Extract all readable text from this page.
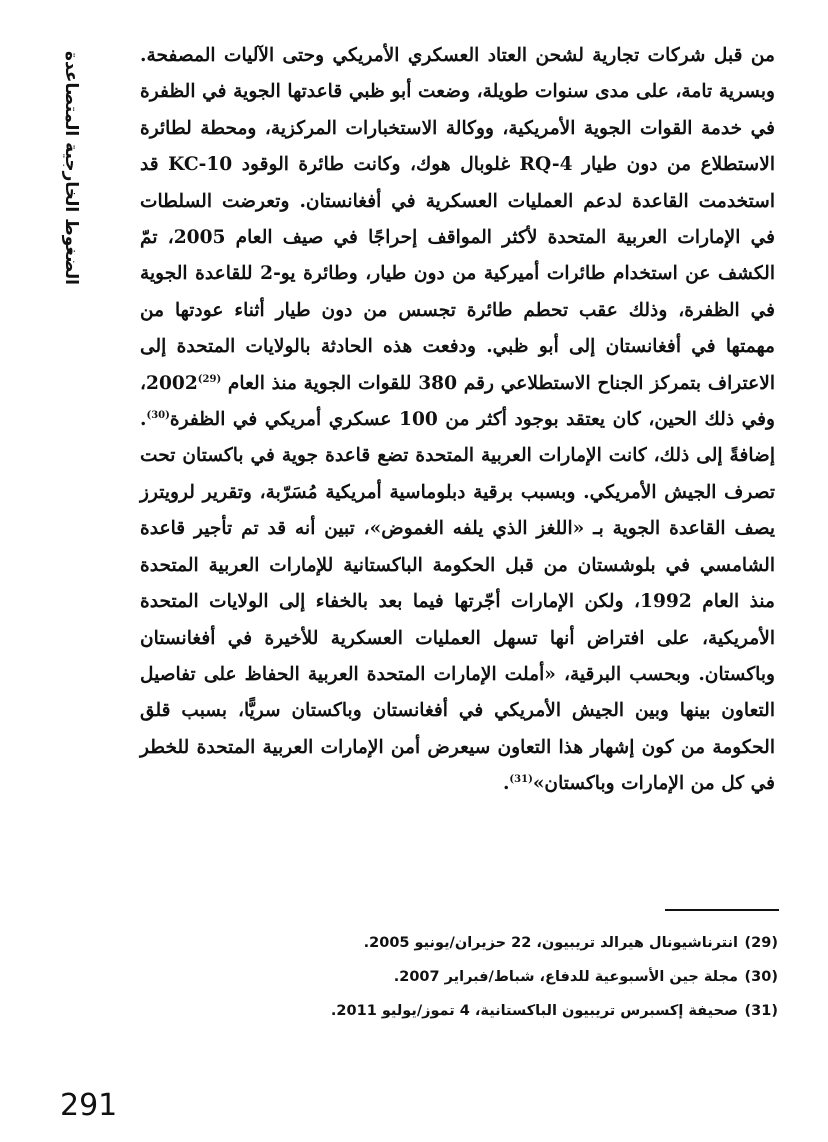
الضغوط الخارجية المتصاعدة	من قبل شركات تجارية لشحن العتاد العسكري الأمريكي وحتى الآليات المصفحة. وبسرية تامة، على مدى سنوات طويلة، وضعت أبو ظبي قاعدتها الجوية في الظفرة في خدمة القوات الجوية الأمريكية، ووكالة الاستخبارات المركزية، ومحطة لطائرة الاستطلاع من دون طيار RQ-4 غلوبال هوك، وكانت طائرة الوقود KC-10 قد استخدمت القاعدة لدعم العمليات العسكرية في أفغانستان. وتعرضت السلطات في الإمارات العربية المتحدة لأكثر المواقف إحراجًا في صيف العام 2005، تمّ الكشف عن استخدام طائرات أميركية من دون طيار، وطائرة يو-2 للقاعدة الجوية في الظفرة، وذلك عقب تحطم طائرة تجسس من دون طيار أثناء عودتها من مهمتها في أفغانستان إلى أبو ظبي. ودفعت هذه الحادثة بالولايات المتحدة إلى الاعتراف بتمركز الجناح الاستطلاعي رقم 380 للقوات الجوية منذ العام $^{(29)}$2002، وفي ذلك الحين، كان يعتقد بوجود أكثر من 100 عسكري أمريكي في الظفرة$^{(30)}$. إضافةً إلى ذلك، كانت الإمارات العربية المتحدة تضع قاعدة جوية في باكستان تحت تصرف الجيش الأمريكي. وبسبب برقية دبلوماسية أمريكية مُسَرّبة، وتقرير لرويترز يصف القاعدة الجوية بـ «اللغز الذي يلفه الغموض»، تبين أنه قد تم تأجير قاعدة الشامسي في بلوشستان من قبل الحكومة الباكستانية للإمارات العربية المتحدة منذ العام 1992، ولكن الإمارات أجّرتها فيما بعد بالخفاء إلى الولايات المتحدة الأمريكية، على افتراض أنها تسهل العمليات العسكرية للأخيرة في أفغانستان وباكستان. وبحسب البرقية، «أملت الإمارات المتحدة العربية الحفاظ على تفاصيل التعاون بينها وبين الجيش الأمريكي في أفغانستان وباكستان سريًّا، بسبب قلق الحكومة من كون إشهار هذا التعاون سيعرض أمن الإمارات العربية المتحدة للخطر في كل من الإمارات وباكستان»$^{(31)}$.

(29)
انترناشيونال هيرالد تريبيون، 22 حزيران/يونيو 2005.
(30)
مجلة جين الأسبوعية للدفاع، شباط/فبراير 2007.
(31)
صحيفة إكسبرس تريبيون الباكستانية، 4 تموز/يوليو 2011.
291
